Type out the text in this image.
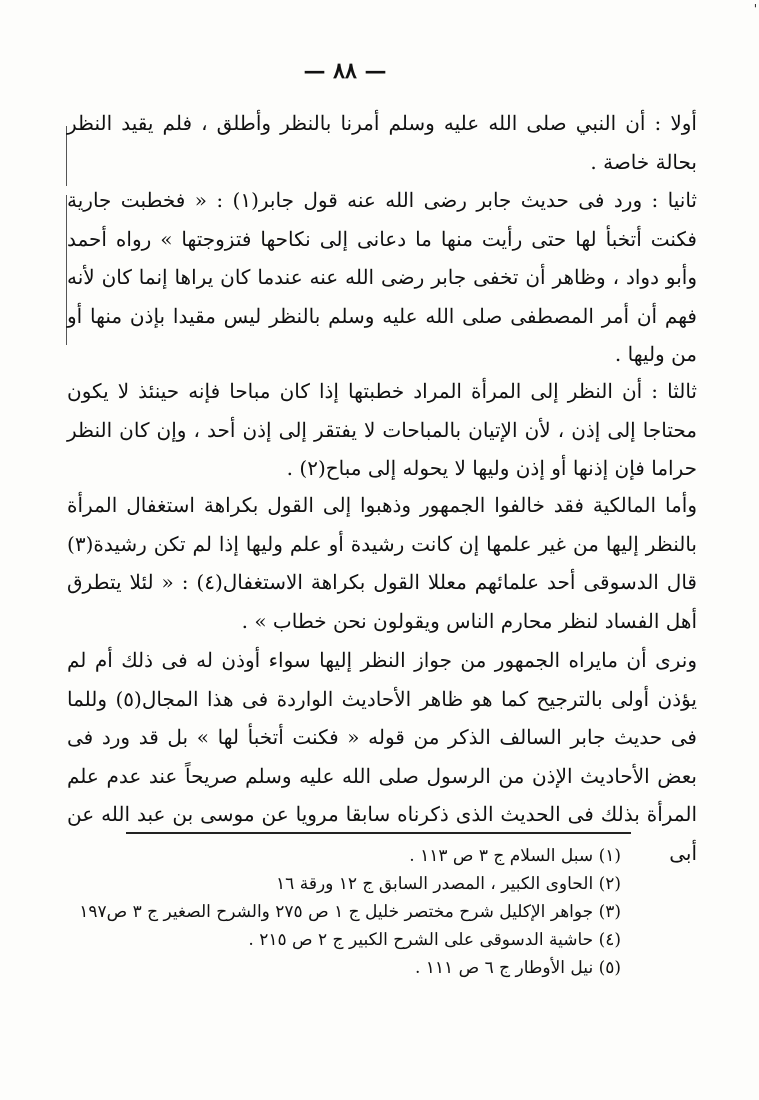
'
— ٨٨ —

أولا : أن النبي صلى الله عليه وسلم أمرنا بالنظر وأطلق ، فلم يقيد النظر بحالة خاصة .

ثانيا : ورد فى حديث جابر رضى الله عنه قول جابر(١) : « فخطبت جارية فكنت أتخبأ لها حتى رأيت منها ما دعانى إلى نكاحها فتزوجتها » رواه أحمد وأبو دواد ، وظاهر أن تخفى جابر رضى الله عنه عندما كان يراها إنما كان لأنه فهم أن أمر المصطفى صلى الله عليه وسلم بالنظر ليس مقيدا بإذن منها أو من وليها .

ثالثا : أن النظر إلى المرأة المراد خطبتها إذا كان مباحا فإنه حينئذ لا يكون محتاجا إلى إذن ، لأن الإتيان بالمباحات لا يفتقر إلى إذن أحد ، وإن كان النظر حراما فإن إذنها أو إذن وليها لا يحوله إلى مباح(٢) .

وأما المالكية فقد خالفوا الجمهور وذهبوا إلى القول بكراهة استغفال المرأة بالنظر إليها من غير علمها إن كانت رشيدة أو علم وليها إذا لم تكن رشيدة(٣) قال الدسوقى أحد علمائهم معللا القول بكراهة الاستغفال(٤) : « لئلا يتطرق أهل الفساد لنظر محارم الناس ويقولون نحن خطاب » .

ونرى أن مايراه الجمهور من جواز النظر إليها سواء أوذن له فى ذلك أم لم يؤذن أولى بالترجيح كما هو ظاهر الأحاديث الواردة فى هذا المجال(٥) وللما فى حديث جابر السالف الذكر من قوله « فكنت أتخبأ لها » بل قد ورد فى بعض الأحاديث الإذن من الرسول صلى الله عليه وسلم صريحاً عند عدم علم المرأة بذلك فى الحديث الذى ذكرناه سابقا مرويا عن موسى بن عبد الله عن أبى

(١) سبل السلام ج ٣ ص ١١٣ .
(٢) الحاوى الكبير ، المصدر السابق ج ١٢ ورقة ١٦
(٣) جواهر الإكليل شرح مختصر خليل ج ١ ص ٢٧٥ والشرح الصغير ج ٣ ص١٩٧
(٤) حاشية الدسوقى على الشرح الكبير ج ٢ ص ٢١٥ .
(٥) نيل الأوطار ج ٦ ص ١١١ .
